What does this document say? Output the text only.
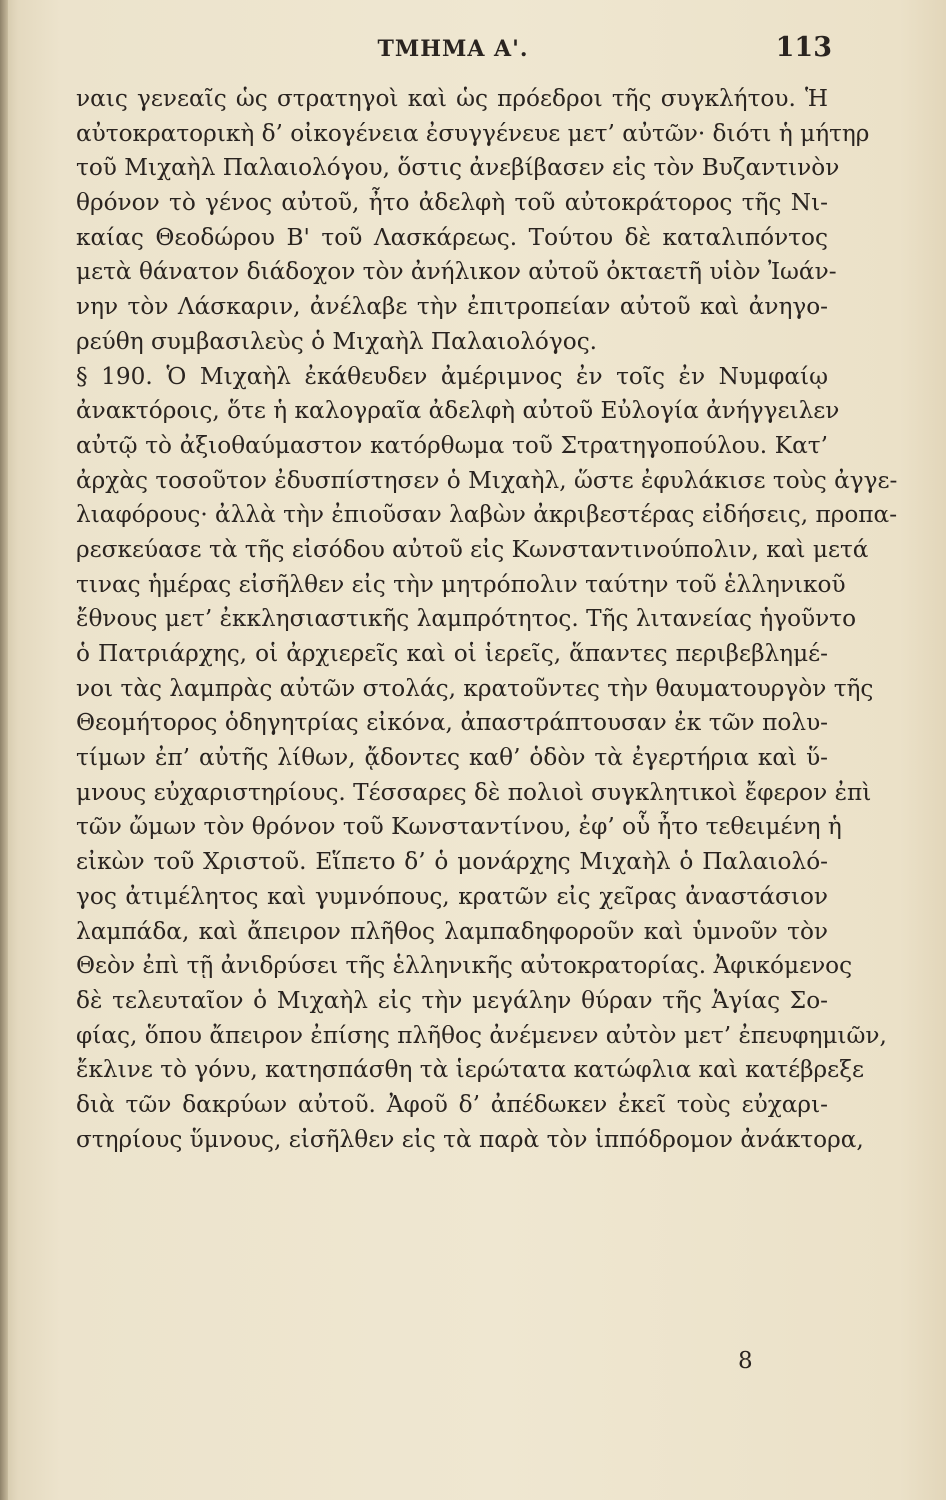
ΤΜΗΜΑ Α'.	113
ναις γενεαῖς ὡς στρατηγοὶ καὶ ὡς πρόεδροι τῆς συγκλήτου. Ἡ
αὐτοκρατορικὴ δ’ οἰκογένεια ἐσυγγένευε μετ’ αὐτῶν· διότι ἡ μήτηρ
τοῦ Μιχαὴλ Παλαιολόγου, ὅστις ἀνεβίβασεν εἰς τὸν Βυζαντινὸν
θρόνον τὸ γένος αὐτοῦ, ἦτο ἀδελφὴ τοῦ αὐτοκράτορος τῆς Νι-
καίας Θεοδώρου Β' τοῦ Λασκάρεως. Τούτου δὲ καταλιπόντος
μετὰ θάνατον διάδοχον τὸν ἀνήλικον αὐτοῦ ὀκταετῆ υἱὸν Ἰωάν-
νην τὸν Λάσκαριν, ἀνέλαβε τὴν ἐπιτροπείαν αὐτοῦ καὶ ἀνηγο-
ρεύθη συμβασιλεὺς ὁ Μιχαὴλ Παλαιολόγος.
§ 190. Ὁ Μιχαὴλ ἐκάθευδεν ἀμέριμνος ἐν τοῖς ἐν Νυμφαίῳ
ἀνακτόροις, ὅτε ἡ καλογραῖα ἀδελφὴ αὐτοῦ Εὐλογία ἀνήγγειλεν
αὐτῷ τὸ ἀξιοθαύμαστον κατόρθωμα τοῦ Στρατηγοπούλου. Κατ’
ἀρχὰς τοσοῦτον ἐδυσπίστησεν ὁ Μιχαὴλ, ὥστε ἐφυλάκισε τοὺς ἀγγε-
λιαφόρους· ἀλλὰ τὴν ἐπιοῦσαν λαβὼν ἀκριβεστέρας εἰδήσεις, προπα-
ρεσκεύασε τὰ τῆς εἰσόδου αὐτοῦ εἰς Κωνσταντινούπολιν, καὶ μετά
τινας ἡμέρας εἰσῆλθεν εἰς τὴν μητρόπολιν ταύτην τοῦ ἑλληνικοῦ
ἔθνους μετ’ ἐκκλησιαστικῆς λαμπρότητος. Τῆς λιτανείας ἡγοῦντο
ὁ Πατριάρχης, οἱ ἀρχιερεῖς καὶ οἱ ἱερεῖς, ἅπαντες περιβεβλημέ-
νοι τὰς λαμπρὰς αὐτῶν στολάς, κρατοῦντες τὴν θαυματουργὸν τῆς
Θεομήτορος ὁδηγητρίας εἰκόνα, ἀπαστράπτουσαν ἐκ τῶν πολυ-
τίμων ἐπ’ αὐτῆς λίθων, ᾄδοντες καθ’ ὁδὸν τὰ ἐγερτήρια καὶ ὕ-
μνους εὐχαριστηρίους. Τέσσαρες δὲ πολιοὶ συγκλητικοὶ ἔφερον ἐπὶ
τῶν ὤμων τὸν θρόνον τοῦ Κωνσταντίνου, ἐφ’ οὗ ἦτο τεθειμένη ἡ
εἰκὼν τοῦ Χριστοῦ. Εἵπετο δ’ ὁ μονάρχης Μιχαὴλ ὁ Παλαιολό-
γος ἀτιμέλητος καὶ γυμνόπους, κρατῶν εἰς χεῖρας ἀναστάσιον
λαμπάδα, καὶ ἄπειρον πλῆθος λαμπαδηφοροῦν καὶ ὑμνοῦν τὸν
Θεὸν ἐπὶ τῇ ἀνιδρύσει τῆς ἑλληνικῆς αὐτοκρατορίας. Ἀφικόμενος
δὲ τελευταῖον ὁ Μιχαὴλ εἰς τὴν μεγάλην θύραν τῆς Ἁγίας Σο-
φίας, ὅπου ἄπειρον ἐπίσης πλῆθος ἀνέμενεν αὐτὸν μετ’ ἐπευφημιῶν,
ἔκλινε τὸ γόνυ, κατησπάσθη τὰ ἱερώτατα κατώφλια καὶ κατέβρεξε
διὰ τῶν δακρύων αὐτοῦ. Ἀφοῦ δ’ ἀπέδωκεν ἐκεῖ τοὺς εὐχαρι-
στηρίους ὕμνους, εἰσῆλθεν εἰς τὰ παρὰ τὸν ἱππόδρομον ἀνάκτορα,
8
